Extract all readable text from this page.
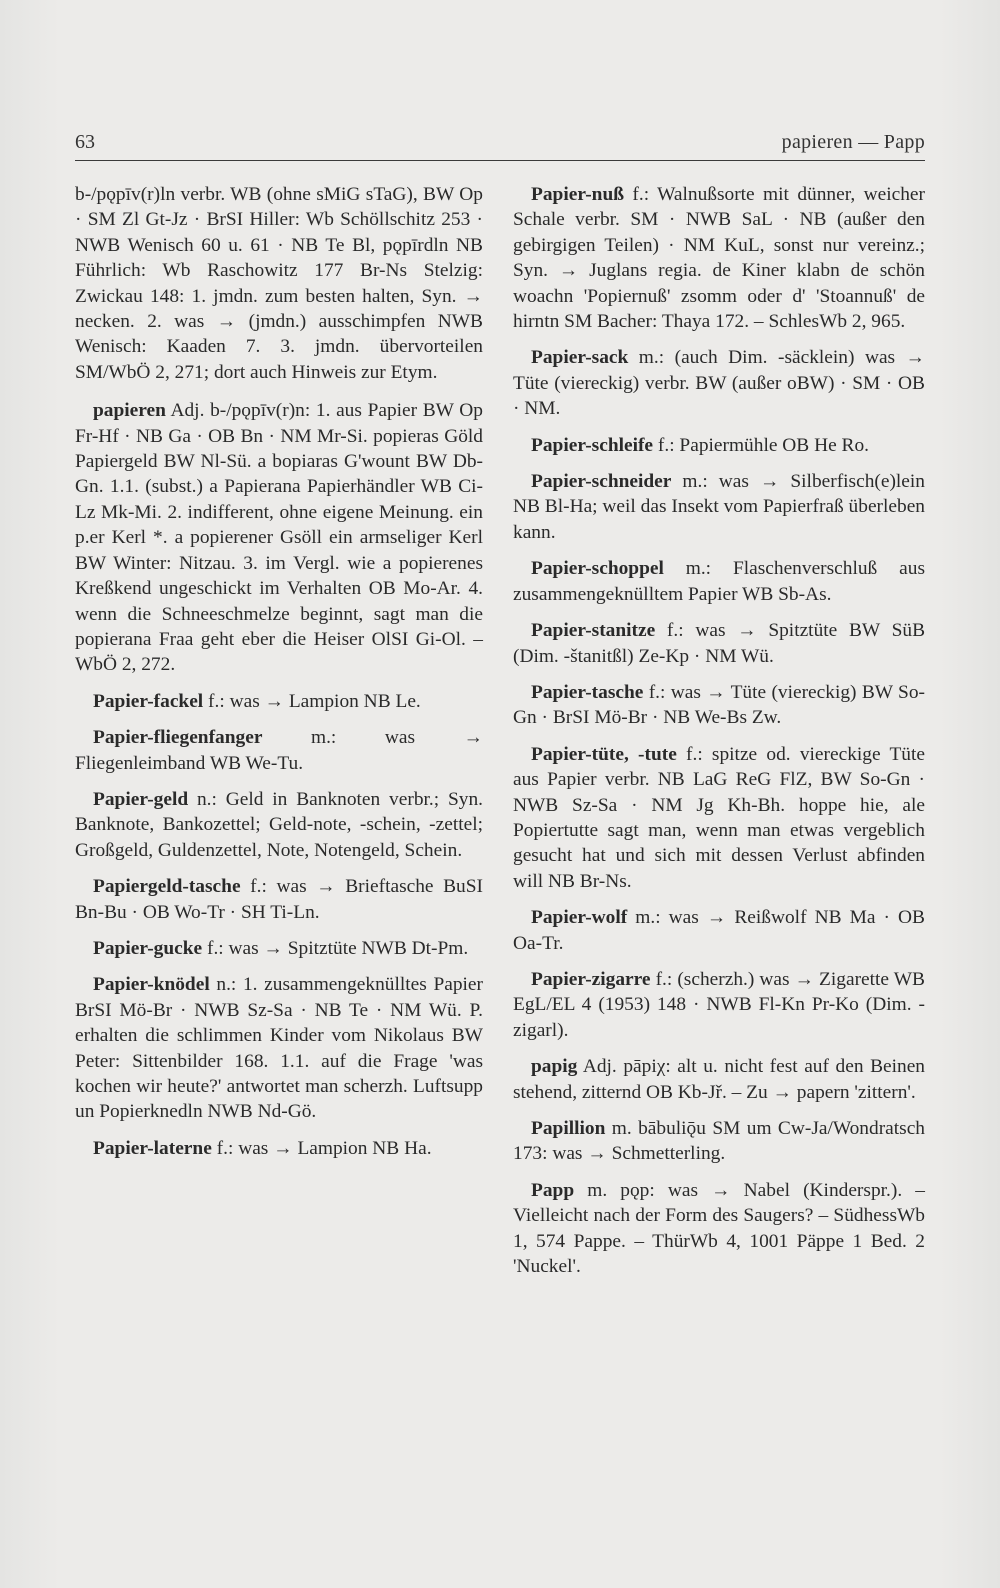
63	papieren — Papp
b-/pǫpīv(r)ln verbr. WB (ohne sMiG sTaG), BW Op · SM Zl Gt-Jz · BrSI Hiller: Wb Schöllschitz 253 · NWB Wenisch 60 u. 61 · NB Te Bl, pǫpīrdln NB Führlich: Wb Raschowitz 177 Br-Ns Stelzig: Zwickau 148: 1. jmdn. zum besten halten, Syn. → necken. 2. was → (jmdn.) ausschimpfen NWB Wenisch: Kaaden 7. 3. jmdn. übervorteilen SM/WbÖ 2, 271; dort auch Hinweis zur Etym.
papieren Adj. b-/pǫpīv(r)n: 1. aus Papier BW Op Fr-Hf · NB Ga · OB Bn · NM Mr-Si. popieras Göld Papiergeld BW Nl-Sü. a bopiaras G'wount BW Db-Gn. 1.1. (subst.) a Papierana Papierhändler WB Ci-Lz Mk-Mi. 2. indifferent, ohne eigene Meinung. ein p.er Kerl *. a popierener Gsöll ein armseliger Kerl BW Winter: Nitzau. 3. im Vergl. wie a popierenes Kreßkend ungeschickt im Verhalten OB Mo-Ar. 4. wenn die Schneeschmelze beginnt, sagt man die popierana Fraa geht eber die Heiser OlSI Gi-Ol. – WbÖ 2, 272.
Papier-fackel f.: was → Lampion NB Le.
Papier-fliegenfanger m.: was → Fliegenleimband WB We-Tu.
Papier-geld n.: Geld in Banknoten verbr.; Syn. Banknote, Bankozettel; Geld-note, -schein, -zettel; Großgeld, Guldenzettel, Note, Notengeld, Schein.
Papiergeld-tasche f.: was → Brieftasche BuSI Bn-Bu · OB Wo-Tr · SH Ti-Ln.
Papier-gucke f.: was → Spitztüte NWB Dt-Pm.
Papier-knödel n.: 1. zusammengeknülltes Papier BrSI Mö-Br · NWB Sz-Sa · NB Te · NM Wü. P. erhalten die schlimmen Kinder vom Nikolaus BW Peter: Sittenbilder 168. 1.1. auf die Frage 'was kochen wir heute?' antwortet man scherzh. Luftsupp un Popierknedln NWB Nd-Gö.
Papier-laterne f.: was → Lampion NB Ha.
Papier-nuß f.: Walnußsorte mit dünner, weicher Schale verbr. SM · NWB SaL · NB (außer den gebirgigen Teilen) · NM KuL, sonst nur vereinz.; Syn. → Juglans regia. de Kiner klabn de schön woachn 'Popiernuß' zsomm oder d' 'Stoannuß' de hirntn SM Bacher: Thaya 172. – SchlesWb 2, 965.
Papier-sack m.: (auch Dim. -säcklein) was → Tüte (viereckig) verbr. BW (außer oBW) · SM · OB · NM.
Papier-schleife f.: Papiermühle OB He Ro.
Papier-schneider m.: was → Silberfisch(e)lein NB Bl-Ha; weil das Insekt vom Papierfraß überleben kann.
Papier-schoppel m.: Flaschenverschluß aus zusammengeknülltem Papier WB Sb-As.
Papier-stanitze f.: was → Spitztüte BW SüB (Dim. -štanitßl) Ze-Kp · NM Wü.
Papier-tasche f.: was → Tüte (viereckig) BW So-Gn · BrSI Mö-Br · NB We-Bs Zw.
Papier-tüte, -tute f.: spitze od. viereckige Tüte aus Papier verbr. NB LaG ReG FlZ, BW So-Gn · NWB Sz-Sa · NM Jg Kh-Bh. hoppe hie, ale Popiertutte sagt man, wenn man etwas vergeblich gesucht hat und sich mit dessen Verlust abfinden will NB Br-Ns.
Papier-wolf m.: was → Reißwolf NB Ma · OB Oa-Tr.
Papier-zigarre f.: (scherzh.) was → Zigarette WB EgL/EL 4 (1953) 148 · NWB Fl-Kn Pr-Ko (Dim. -zigarl).
papig Adj. pāpiχ: alt u. nicht fest auf den Beinen stehend, zitternd OB Kb-Jř. – Zu → papern 'zittern'.
Papillion m. bābuliǭu SM um Cw-Ja/Wondratsch 173: was → Schmetterling.
Papp m. pǫp: was → Nabel (Kinderspr.). – Vielleicht nach der Form des Saugers? – SüdhessWb 1, 574 Pappe. – ThürWb 4, 1001 Päppe 1 Bed. 2 'Nuckel'.
